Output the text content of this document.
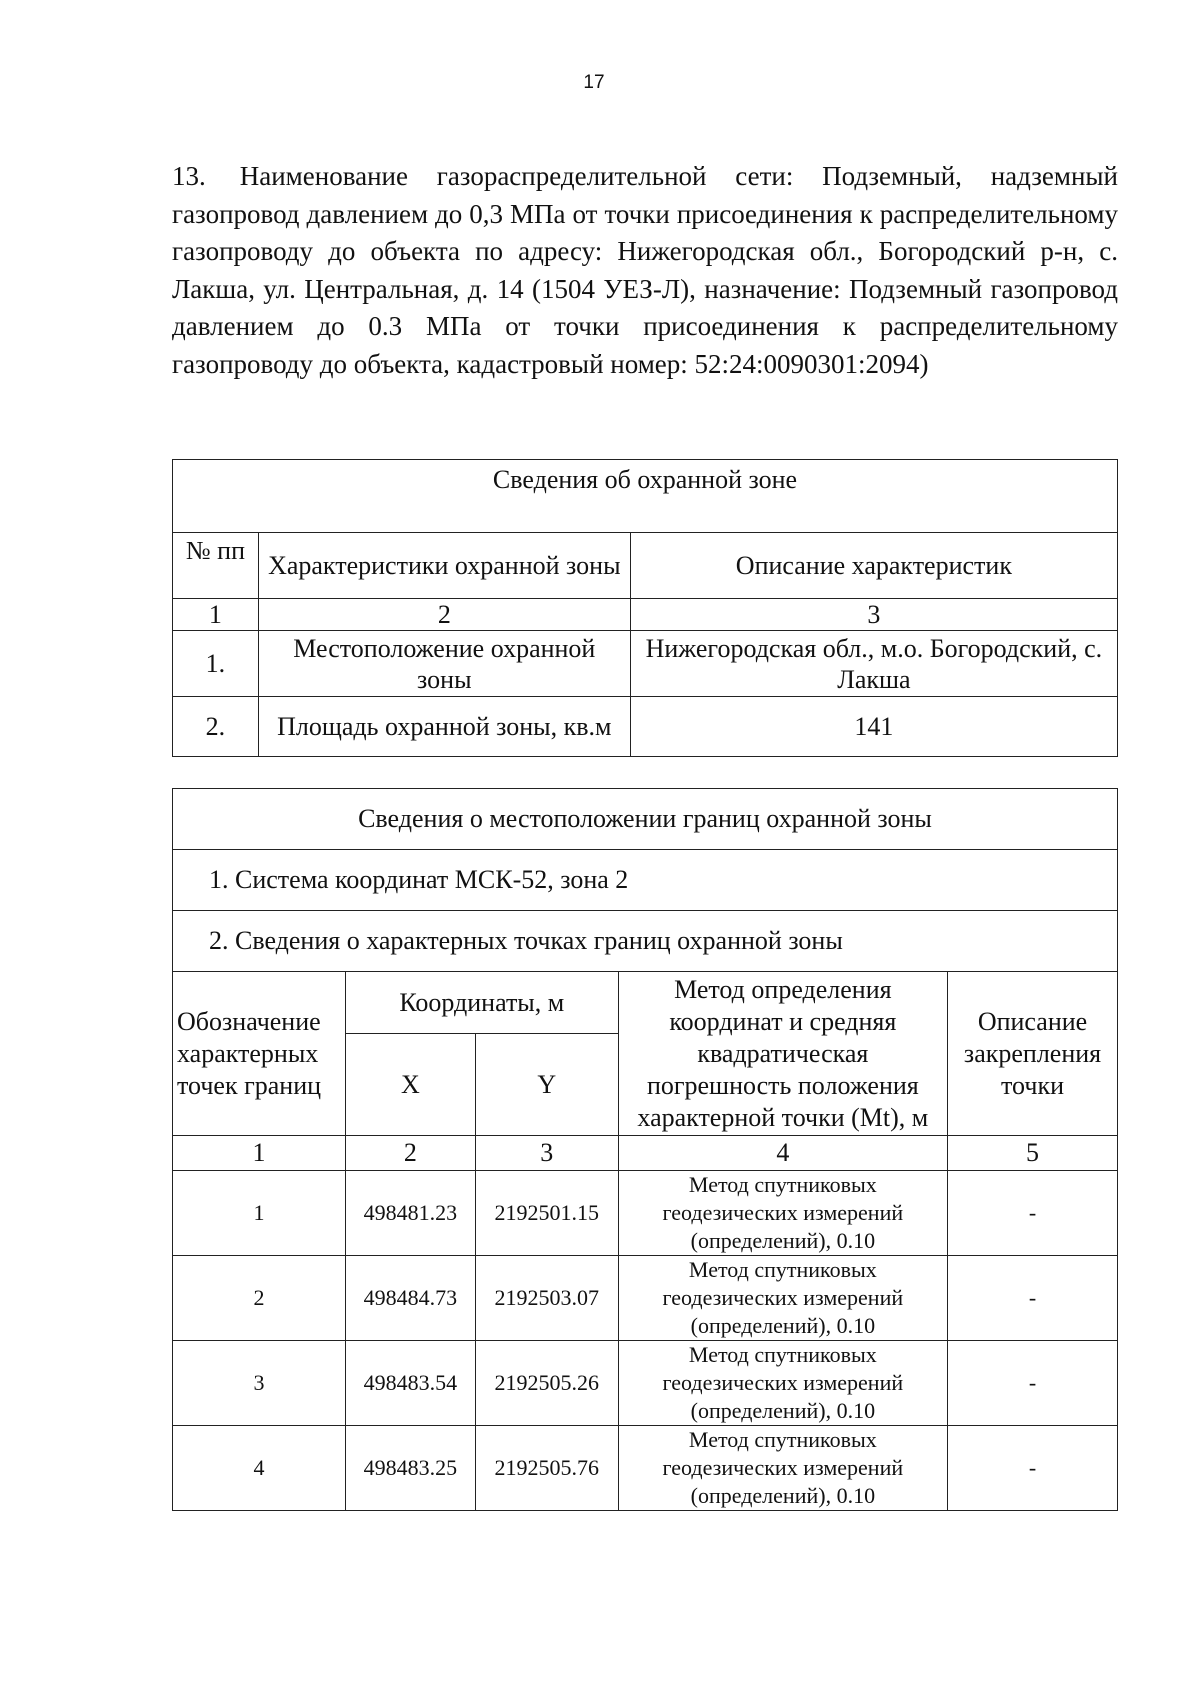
17

13. Наименование газораспределительной сети: Подземный, надземный газопровод давлением до 0,3 МПа от точки присоединения к распределительному газопроводу до объекта по адресу: Нижегородская обл., Богородский р-н, с. Лакша, ул. Центральная, д. 14 (1504 УЕЗ-Л), назначение: Подземный газопровод давлением до 0.3 МПа от точки присоединения к распределительному газопроводу до объекта, кадастровый номер: 52:24:0090301:2094)

Сведения об охранной зоне		
№ пп	Характеристики охранной зоны	Описание характеристик
1	2	3
1.	Местоположение охранной зоны	Нижегородская обл., м.о. Богородский, с. Лакша
2.	Площадь охранной зоны, кв.м	141
Сведения о местоположении границ охранной зоны				
1. Система координат МСК-52, зона 2				
2. Сведения о характерных точках границ охранной зоны				
Обозначение характерных точек границ	Координаты, м		Метод определения координат и средняя квадратическая погрешность положения характерной точки (Mt), м	Описание закрепления точки
	X	Y		
1	2	3	4	5
1	498481.23	2192501.15	Метод спутниковых геодезических измерений (определений), 0.10	-
2	498484.73	2192503.07	Метод спутниковых геодезических измерений (определений), 0.10	-
3	498483.54	2192505.26	Метод спутниковых геодезических измерений (определений), 0.10	-
4	498483.25	2192505.76	Метод спутниковых геодезических измерений (определений), 0.10	-
